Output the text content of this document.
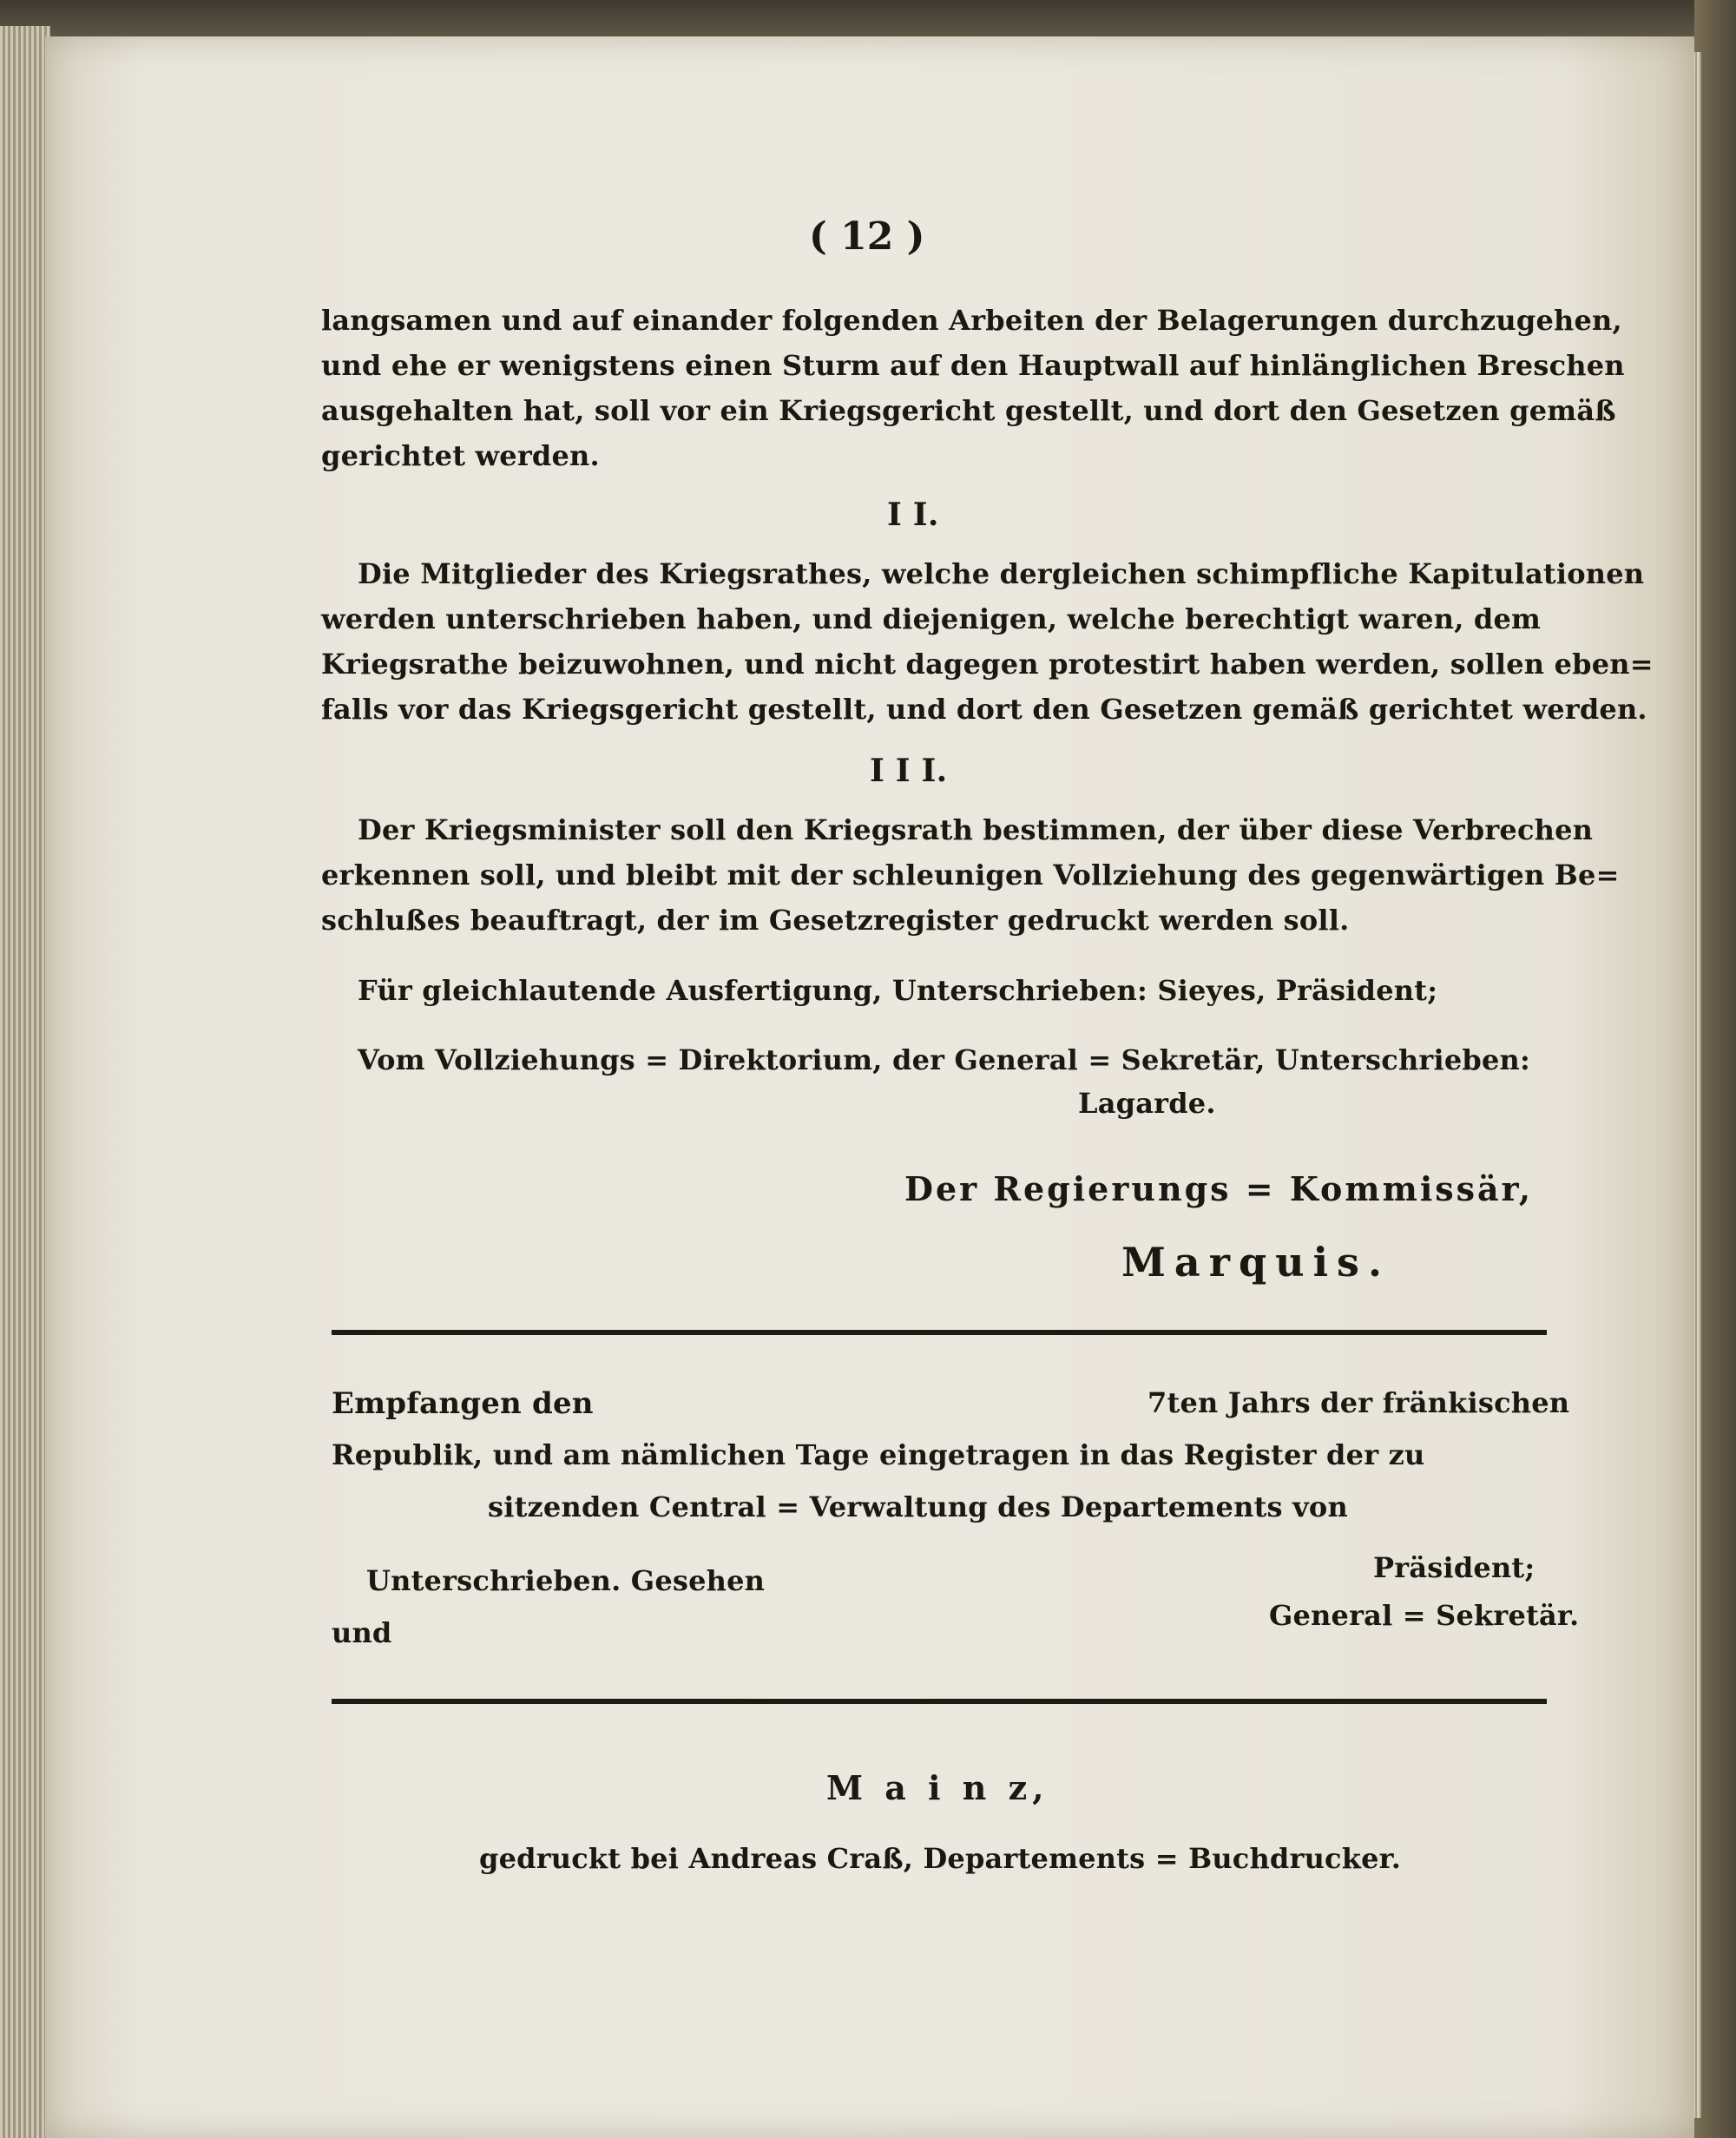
( 12 )
langsamen und auf einander folgenden Arbeiten der Belagerungen durchzugehen,
und ehe er wenigstens einen Sturm auf den Hauptwall auf hinlänglichen Breschen
ausgehalten hat, soll vor ein Kriegsgericht gestellt, und dort den Gesetzen gemäß
gerichtet werden.
I I.
Die Mitglieder des Kriegsrathes, welche dergleichen schimpfliche Kapitulationen
werden unterschrieben haben, und diejenigen, welche berechtigt waren, dem
Kriegsrathe beizuwohnen, und nicht dagegen protestirt haben werden, sollen eben=
falls vor das Kriegsgericht gestellt, und dort den Gesetzen gemäß gerichtet werden.
I I I.
Der Kriegsminister soll den Kriegsrath bestimmen, der über diese Verbrechen
erkennen soll, und bleibt mit der schleunigen Vollziehung des gegenwärtigen Be=
schlußes beauftragt, der im Gesetzregister gedruckt werden soll.
Für gleichlautende Ausfertigung, Unterschrieben: Sieyes, Präsident;
Vom Vollziehungs = Direktorium, der General = Sekretär, Unterschrieben:
Lagarde.
Der Regierungs = Kommissär,
Marquis.
Empfangen den	7ten Jahrs der fränkischen
Republik, und am nämlichen Tage eingetragen in das Register der zu
sitzenden Central = Verwaltung des Departements von
Unterschrieben. Gesehen	Präsident;
und
General = Sekretär.
M a i n z,
gedruckt bei Andreas Craß, Departements = Buchdrucker.
